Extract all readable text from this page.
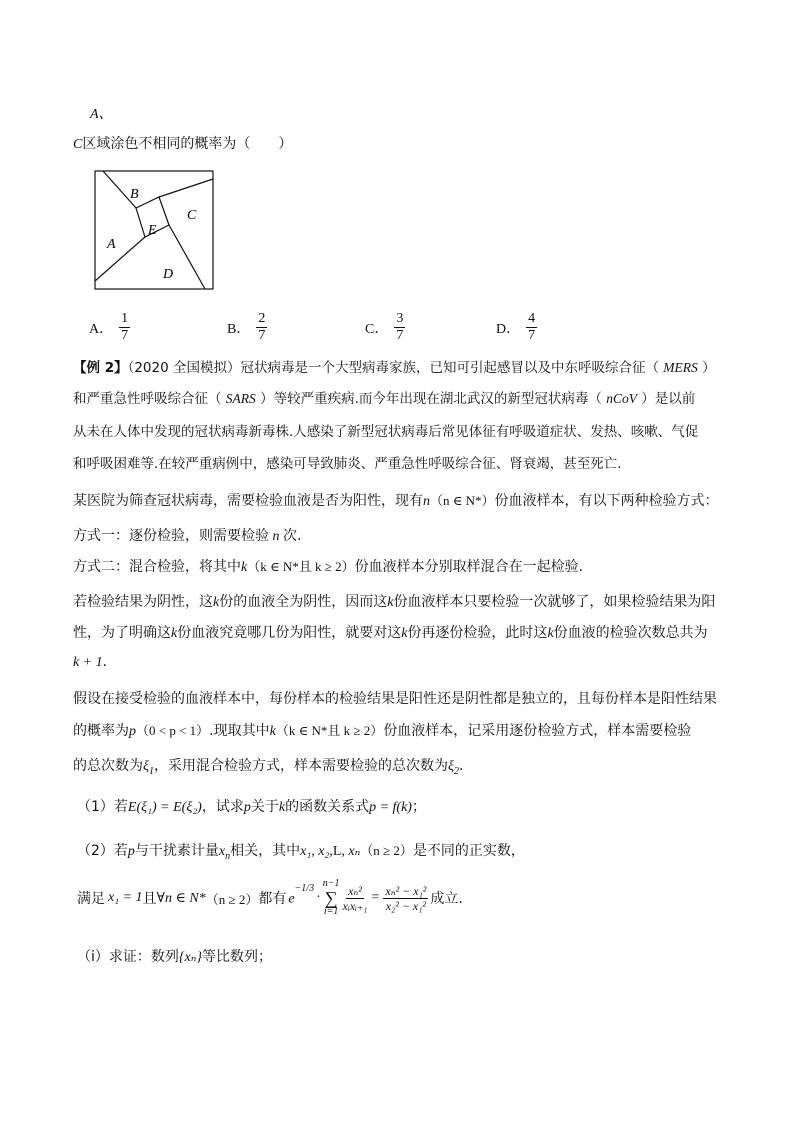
A、
C区域涂色不相同的概率为（　　）
B
C
E
A
D
A． $\frac{1}{7}$	B． $\frac{2}{7}$	C． $\frac{3}{7}$	D． $\frac{4}{7}$
【例 2】（2020 全国模拟）冠状病毒是一个大型病毒家族，已知可引起感冒以及中东呼吸综合征（ MERS ）
和严重急性呼吸综合征（ SARS ）等较严重疾病.而今年出现在湖北武汉的新型冠状病毒（ nCoV ）是以前
从未在人体中发现的冠状病毒新毒株.人感染了新型冠状病毒后常见体征有呼吸道症状、发热、咳嗽、气促
和呼吸困难等.在较严重病例中，感染可导致肺炎、严重急性呼吸综合征、肾衰竭，甚至死亡.
某医院为筛查冠状病毒，需要检验血液是否为阳性，现有n（n ∈ N*）份血液样本，有以下两种检验方式：
方式一：逐份检验，则需要检验 n 次.
方式二：混合检验，将其中k（k ∈ N*且 k ≥ 2）份血液样本分别取样混合在一起检验.
若检验结果为阴性，这k份的血液全为阴性，因而这k份血液样本只要检验一次就够了，如果检验结果为阳
性，为了明确这k份血液究竟哪几份为阳性，就要对这k份再逐份检验，此时这k份血液的检验次数总共为
k + 1.
假设在接受检验的血液样本中，每份样本的检验结果是阳性还是阴性都是独立的，且每份样本是阳性结果
的概率为p（0 < p < 1）.现取其中k（k ∈ N*且 k ≥ 2）份血液样本，记采用逐份检验方式，样本需要检验
的总次数为$\xi_1$，采用混合检验方式，样本需要检验的总次数为$\xi_2$.
（1）若E(ξ₁) = E(ξ₂)，试求p关于k的函数关系式p = f(k)；
（2）若p与干扰素计量$x_n$相关，其中x₁, x₂,L, xₙ（n ≥ 2）是不同的正实数，
满足 x₁ = 1 且 ∀n ∈ N* （n ≥ 2） 都有 $e^{-1/3}$
·
n−1
∑
$i=1 \frac{\text{xₙ²}}{\text{xᵢxᵢ₊₁}} = \frac{\text{xₙ² − x₁²}}{\text{x₂² − x₁²}}$ 成立.
（i）求证：数列{xₙ}等比数列；
